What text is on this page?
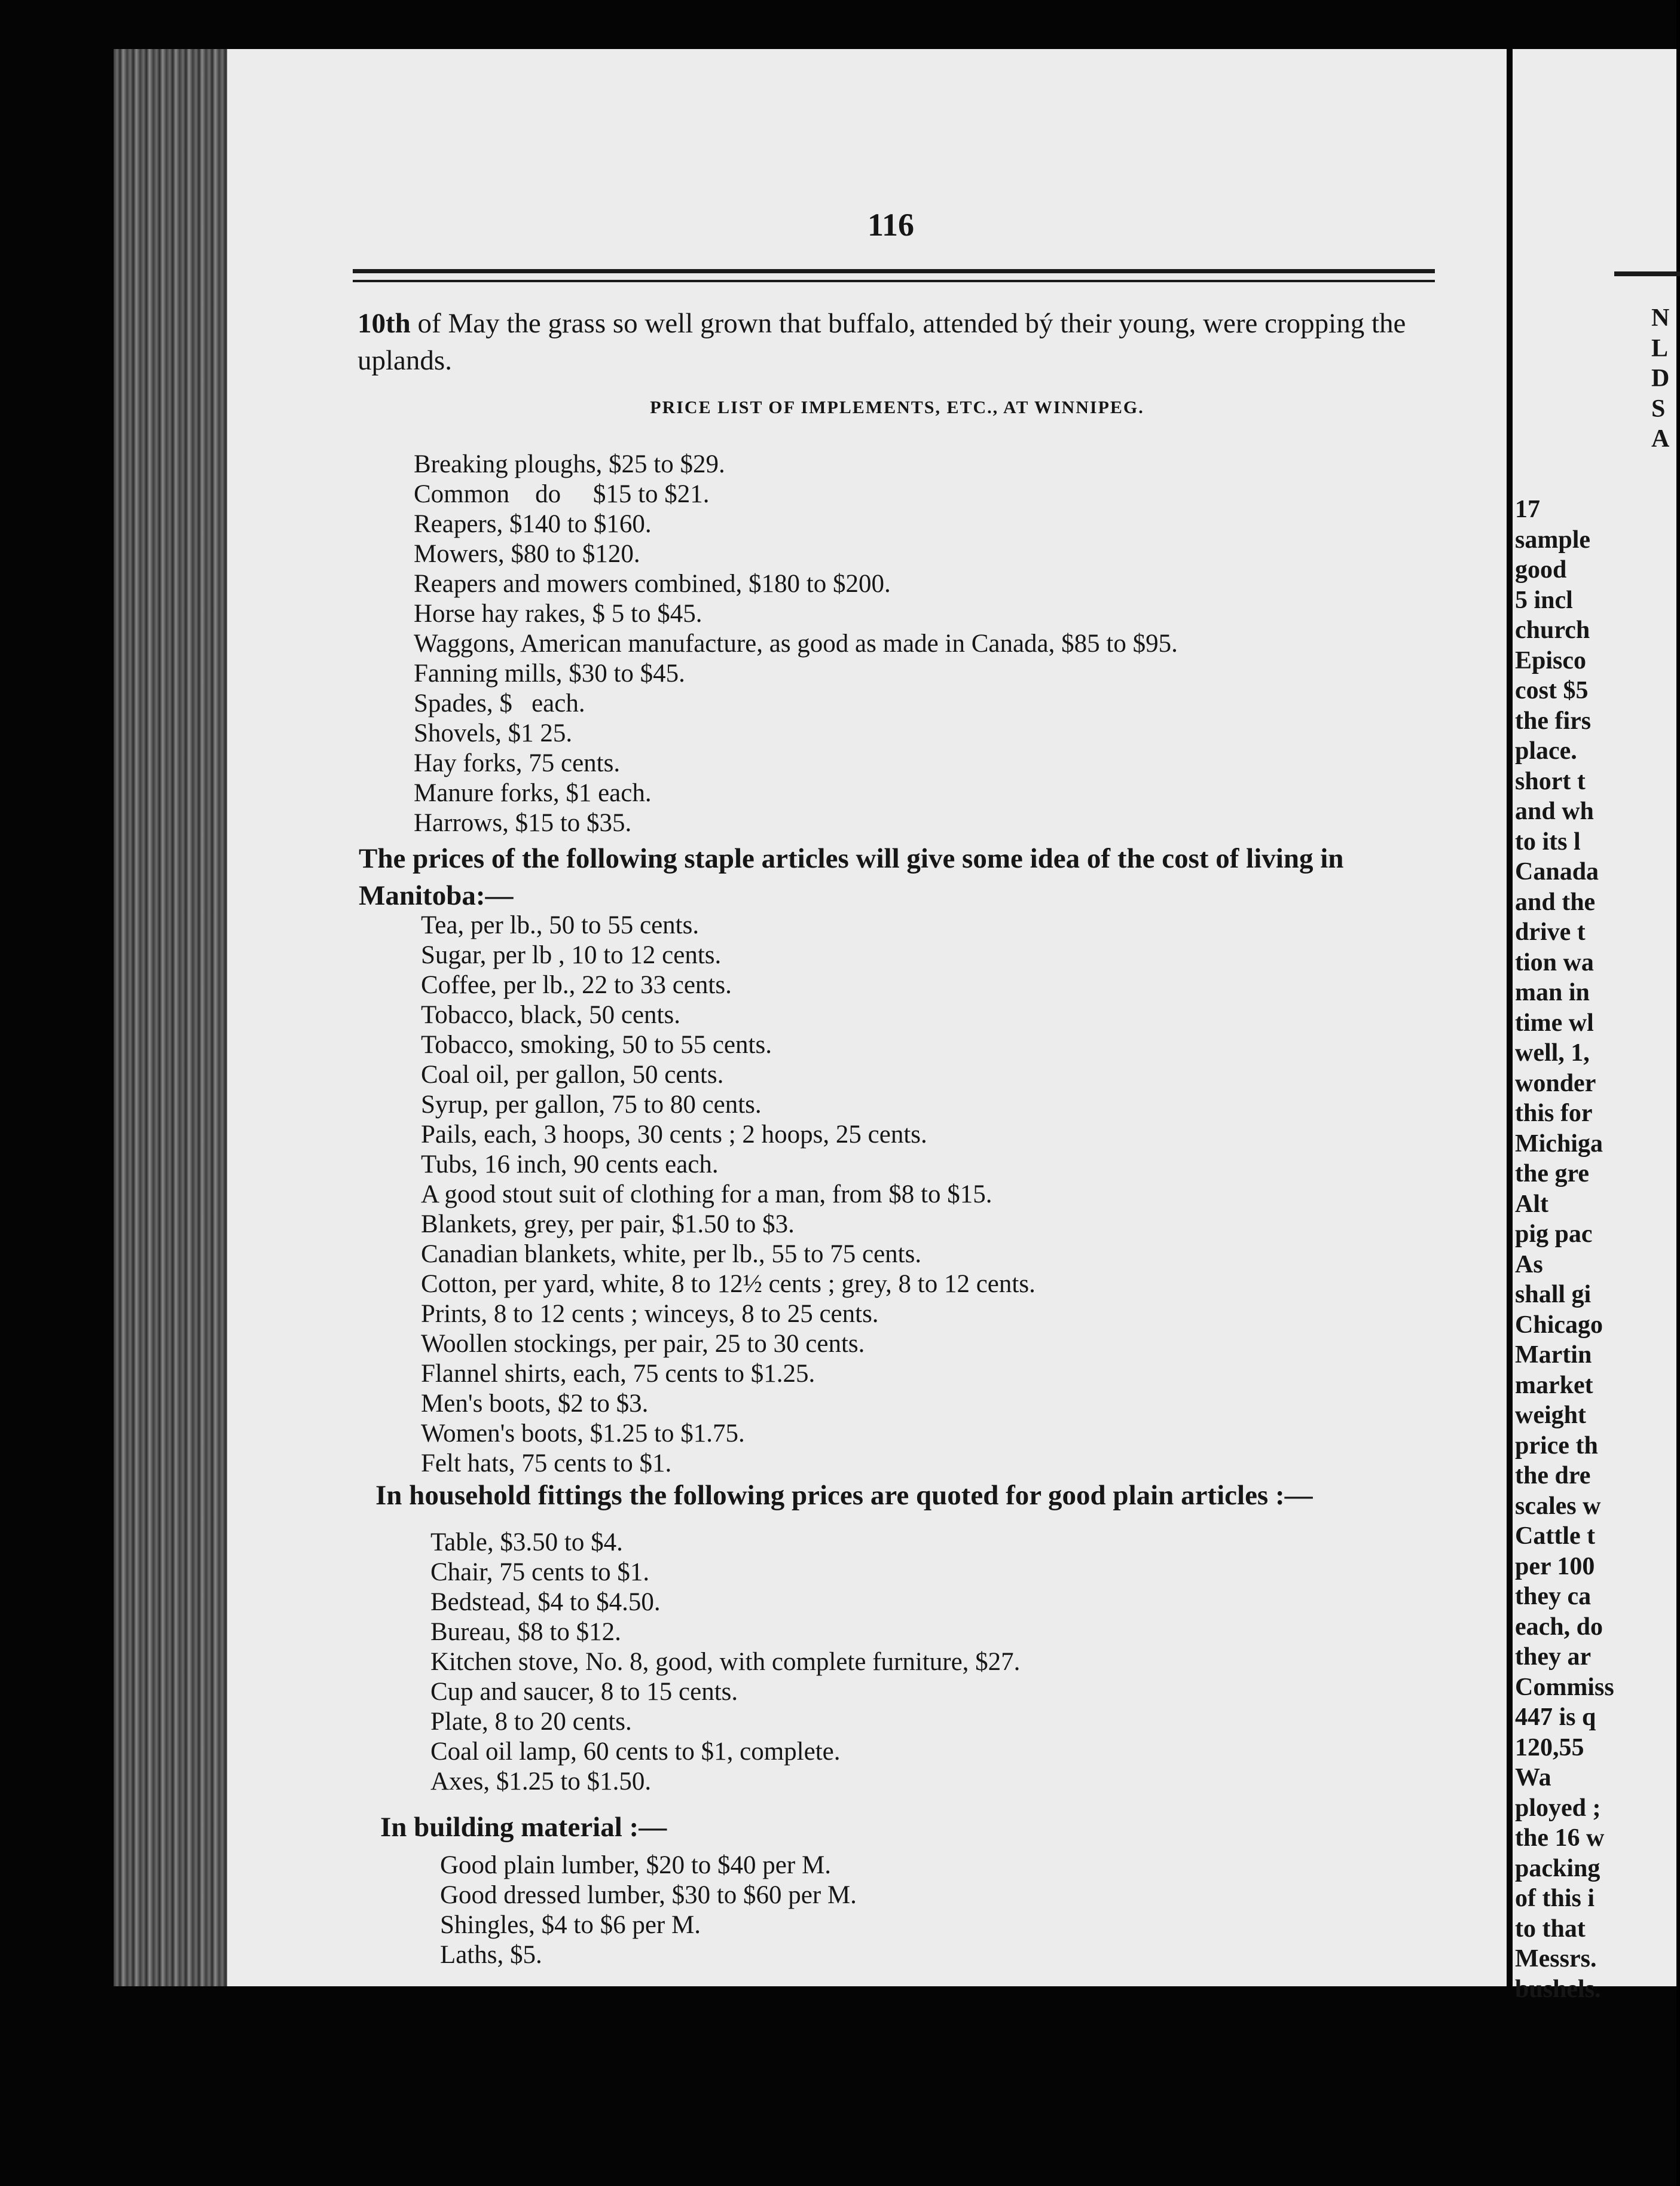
116

10th of May the grass so well grown that buffalo, attended bý their young, were cropping the uplands.

PRICE LIST OF IMPLEMENTS, ETC., AT WINNIPEG.

Breaking ploughs, $25 to $29.
Common    do     $15 to $21.
Reapers, $140 to $160.
Mowers, $80 to $120.
Reapers and mowers combined, $180 to $200.
Horse hay rakes, $ 5 to $45.
Waggons, American manufacture, as good as made in Canada, $85 to $95.
Fanning mills, $30 to $45.
Spades, $   each.
Shovels, $1 25.
Hay forks, 75 cents.
Manure forks, $1 each.
Harrows, $15 to $35.

The prices of the following staple articles will give some idea of the cost of living in Manitoba:—

Tea, per lb., 50 to 55 cents.
Sugar, per lb , 10 to 12 cents.
Coffee, per lb., 22 to 33 cents.
Tobacco, black, 50 cents.
Tobacco, smoking, 50 to 55 cents.
Coal oil, per gallon, 50 cents.
Syrup, per gallon, 75 to 80 cents.
Pails, each, 3 hoops, 30 cents ; 2 hoops, 25 cents.
Tubs, 16 inch, 90 cents each.
A good stout suit of clothing for a man, from $8 to $15.
Blankets, grey, per pair, $1.50 to $3.
Canadian blankets, white, per lb., 55 to 75 cents.
Cotton, per yard, white, 8 to 12½ cents ; grey, 8 to 12 cents.
Prints, 8 to 12 cents ; winceys, 8 to 25 cents.
Woollen stockings, per pair, 25 to 30 cents.
Flannel shirts, each, 75 cents to $1.25.
Men's boots, $2 to $3.
Women's boots, $1.25 to $1.75.
Felt hats, 75 cents to $1.

In household fittings the following prices are quoted for good plain articles :—

Table, $3.50 to $4.
Chair, 75 cents to $1.
Bedstead, $4 to $4.50.
Bureau, $8 to $12.
Kitchen stove, No. 8, good, with complete furniture, $27.
Cup and saucer, 8 to 15 cents.
Plate, 8 to 20 cents.
Coal oil lamp, 60 cents to $1, complete.
Axes, $1.25 to $1.50.

In building material :—

Good plain lumber, $20 to $40 per M.
Good dressed lumber, $30 to $60 per M.
Shingles, $4 to $6 per M.
Laths, $5.
N
L
D
S
A
17
sample
good
5 incl
church
Episco
cost $5
the firs
place.
short t
and wh
to its l
Canada
and the
drive t
tion wa
man in
time wl
well, 1,
wonder
this for
Michiga
the gre
Alt
pig pac
As
shall gi
Chicago
Martin
market
weight
price th
the dre
scales w
Cattle t
per 100
they ca
each, do
they ar
Commiss
447 is q
120,55
Wa
ployed ;
the 16 w
packing
of this i
to that
Messrs.
bushels.
